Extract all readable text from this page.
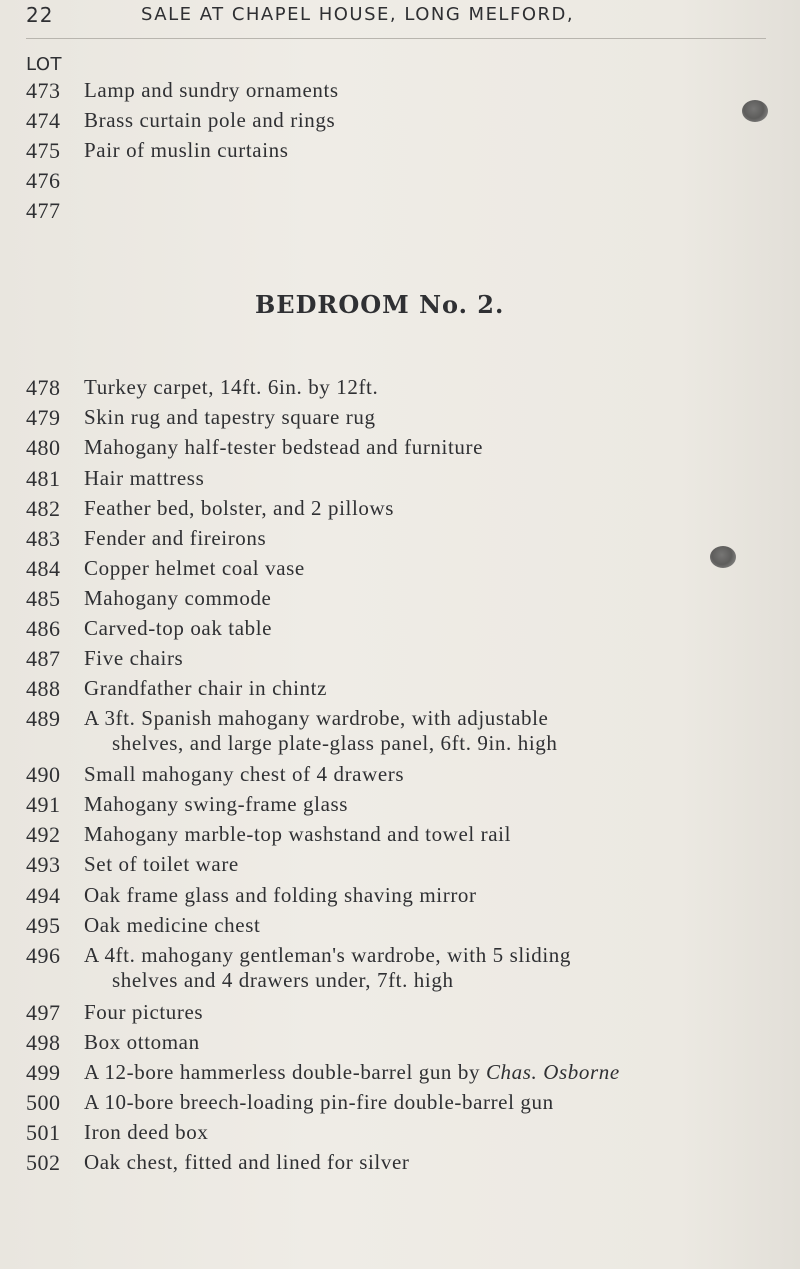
22	SALE AT CHAPEL HOUSE, LONG MELFORD,
LOT
BEDROOM No. 2.
473 Lamp and sundry ornaments
474 Brass curtain pole and rings
475 Pair of muslin curtains
476
477
478 Turkey carpet, 14ft. 6in. by 12ft.
479 Skin rug and tapestry square rug
480 Mahogany half-tester bedstead and furniture
481 Hair mattress
482 Feather bed, bolster, and 2 pillows
483 Fender and fireirons
484 Copper helmet coal vase
485 Mahogany commode
486 Carved-top oak table
487 Five chairs
488 Grandfather chair in chintz
489 A 3ft. Spanish mahogany wardrobe, with adjustable
shelves, and large plate-glass panel, 6ft. 9in. high
490 Small mahogany chest of 4 drawers
491 Mahogany swing-frame glass
492 Mahogany marble-top washstand and towel rail
493 Set of toilet ware
494 Oak frame glass and folding shaving mirror
495 Oak medicine chest
496 A 4ft. mahogany gentleman's wardrobe, with 5 sliding
shelves and 4 drawers under, 7ft. high
497 Four pictures
498 Box ottoman
499 A 12-bore hammerless double-barrel gun by Chas. Osborne
500 A 10-bore breech-loading pin-fire double-barrel gun
501 Iron deed box
502 Oak chest, fitted and lined for silver
